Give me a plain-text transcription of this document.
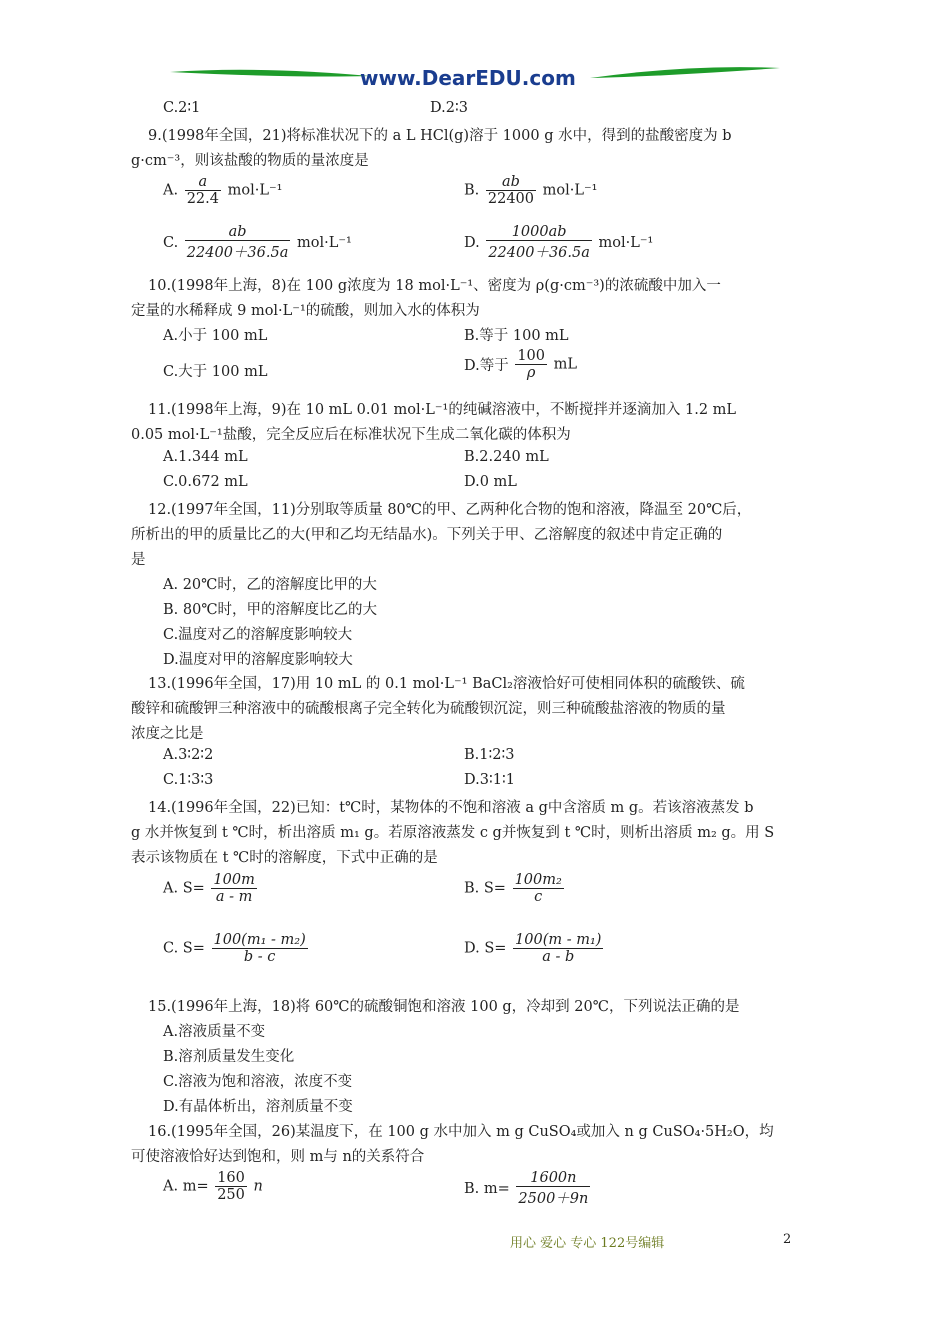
www.DearEDU.com
C.2∶1	D.2∶3
9.(1998年全国，21)将标准状况下的 a L HCl(g)溶于 1000 g 水中，得到的盐酸密度为 b
g·cm⁻³，则该盐酸的物质的量浓度是
A. $\frac{a}{22.4} mol\cdot L^{-1}$	B. $\frac{ab}{22400} mol\cdot L^{-1}$
C. $\frac{ab}{22400+36.5a} mol\cdot L^{-1}$	D. $\frac{1000ab}{22400+36.5a} mol\cdot L^{-1}$
10.(1998年上海，8)在 100 g浓度为 18 mol·L⁻¹、密度为 ρ(g·cm⁻³)的浓硫酸中加入一
定量的水稀释成 9 mol·L⁻¹的硫酸，则加入水的体积为
A.小于 100 mL	B.等于 100 mL
C.大于 100 mL	D.等于 $\frac{100}{\rho}$ mL
11.(1998年上海，9)在 10 mL 0.01 mol·L⁻¹的纯碱溶液中，不断搅拌并逐滴加入 1.2 mL
0.05 mol·L⁻¹盐酸，完全反应后在标准状况下生成二氧化碳的体积为
A.1.344 mL	B.2.240 mL
C.0.672 mL	D.0 mL
12.(1997年全国，11)分别取等质量 80℃的甲、乙两种化合物的饱和溶液，降温至 20℃后，
所析出的甲的质量比乙的大(甲和乙均无结晶水)。下列关于甲、乙溶解度的叙述中肯定正确的
是
A. 20℃时，乙的溶解度比甲的大
B. 80℃时，甲的溶解度比乙的大
C.温度对乙的溶解度影响较大
D.温度对甲的溶解度影响较大
13.(1996年全国，17)用 10 mL 的 0.1 mol·L⁻¹ BaCl₂溶液恰好可使相同体积的硫酸铁、硫
酸锌和硫酸钾三种溶液中的硫酸根离子完全转化为硫酸钡沉淀，则三种硫酸盐溶液的物质的量
浓度之比是
A.3∶2∶2	B.1∶2∶3
C.1∶3∶3	D.3∶1∶1
14.(1996年全国，22)已知：t℃时，某物体的不饱和溶液 a g中含溶质 m g。若该溶液蒸发 b
g 水并恢复到 t ℃时，析出溶质 m₁ g。若原溶液蒸发 c g并恢复到 t ℃时，则析出溶质 m₂ g。用 S
表示该物质在 t ℃时的溶解度，下式中正确的是
A. $S= \frac{100m}{a - m}$	B. $S= \frac{\text{100m₂}}{c}$
C. $S= \frac{\text{100(m₁ - m₂)}}{b - c}$	D. $S= \frac{\text{100(m - m₁)}}{a - b}$
15.(1996年上海，18)将 60℃的硫酸铜饱和溶液 100 g，冷却到 20℃，下列说法正确的是
A.溶液质量不变
B.溶剂质量发生变化
C.溶液为饱和溶液，浓度不变
D.有晶体析出，溶剂质量不变
16.(1995年全国，26)某温度下，在 100 g 水中加入 m g CuSO₄或加入 n g CuSO₄·5H₂O，均
可使溶液恰好达到饱和，则 m与 n的关系符合
A. $m= \frac{160}{250}$ n	B. $m= \frac{1600n}{2500+9n}$
用心 爱心 专心 122号编辑	2
